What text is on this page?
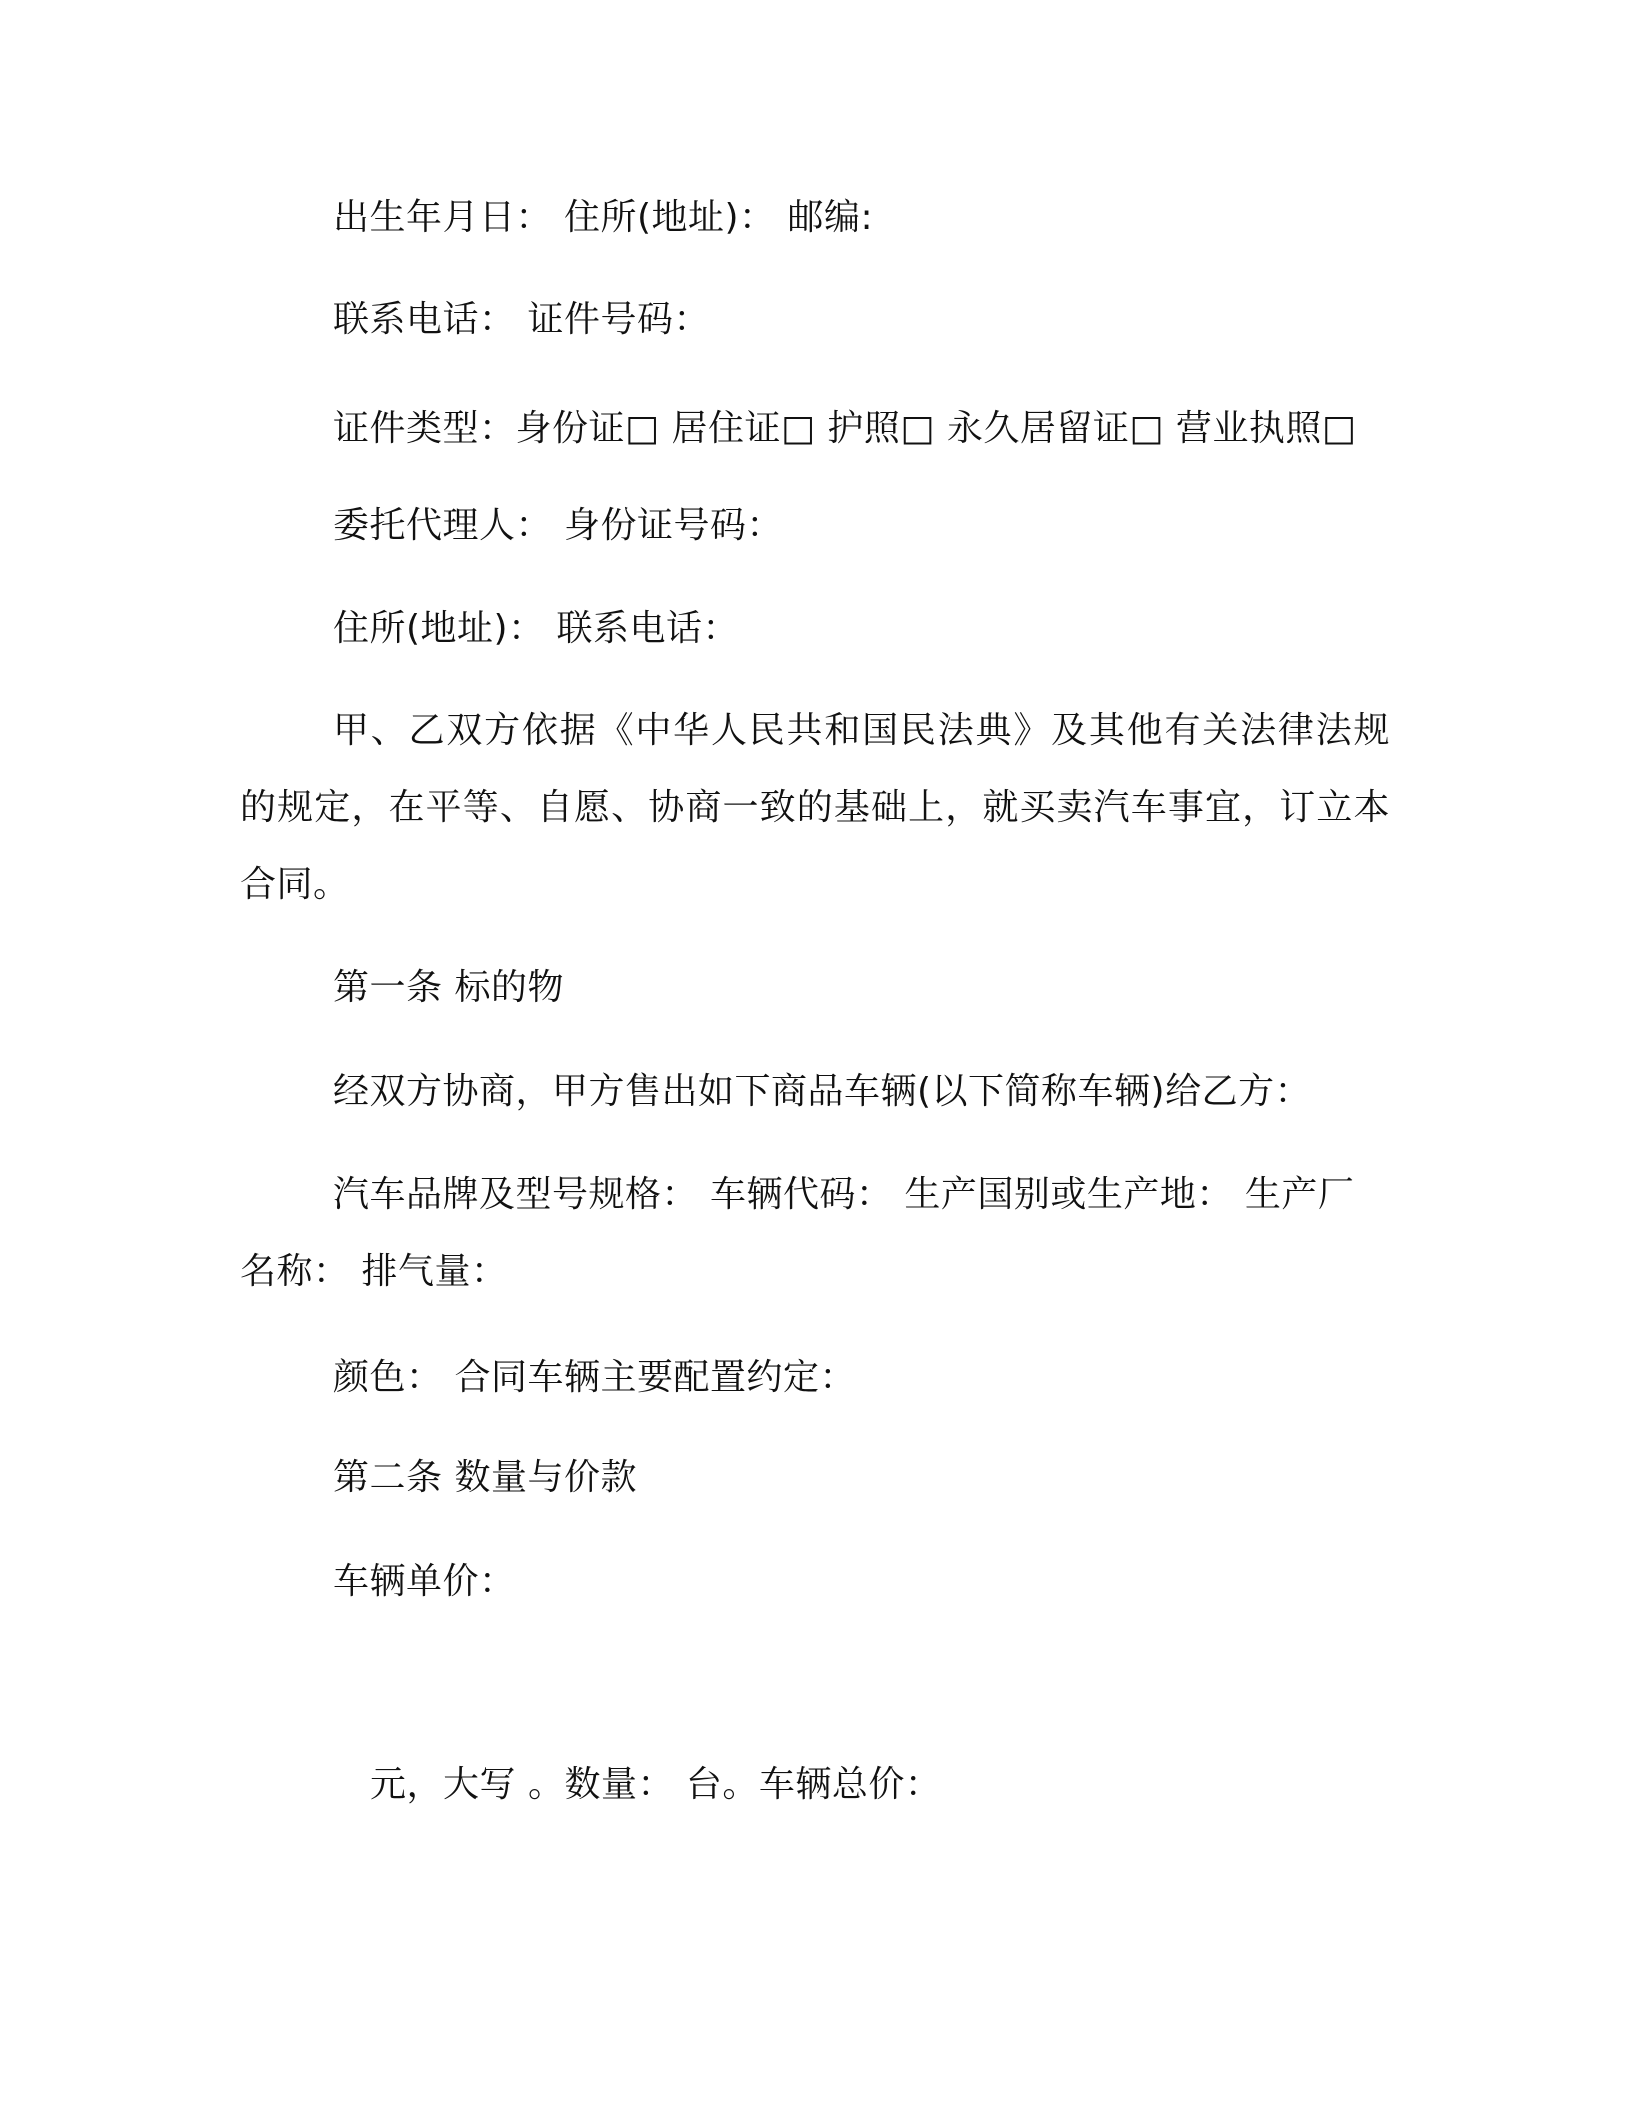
出生年月日： 住所(地址)： 邮编:
联系电话： 证件号码：
证件类型：身份证□ 居住证□ 护照□ 永久居留证□ 营业执照□
委托代理人： 身份证号码：
住所(地址)： 联系电话：
甲、乙双方依据《中华人民共和国民法典》及其他有关法律法规的规定，在平等、自愿、协商一致的基础上，就买卖汽车事宜，订立本合同。
第一条 标的物
经双方协商，甲方售出如下商品车辆(以下简称车辆)给乙方：
汽车品牌及型号规格： 车辆代码： 生产国别或生产地： 生产厂名称： 排气量：
颜色： 合同车辆主要配置约定：
第二条 数量与价款
车辆单价：
元，大写 。数量： 台。车辆总价：
